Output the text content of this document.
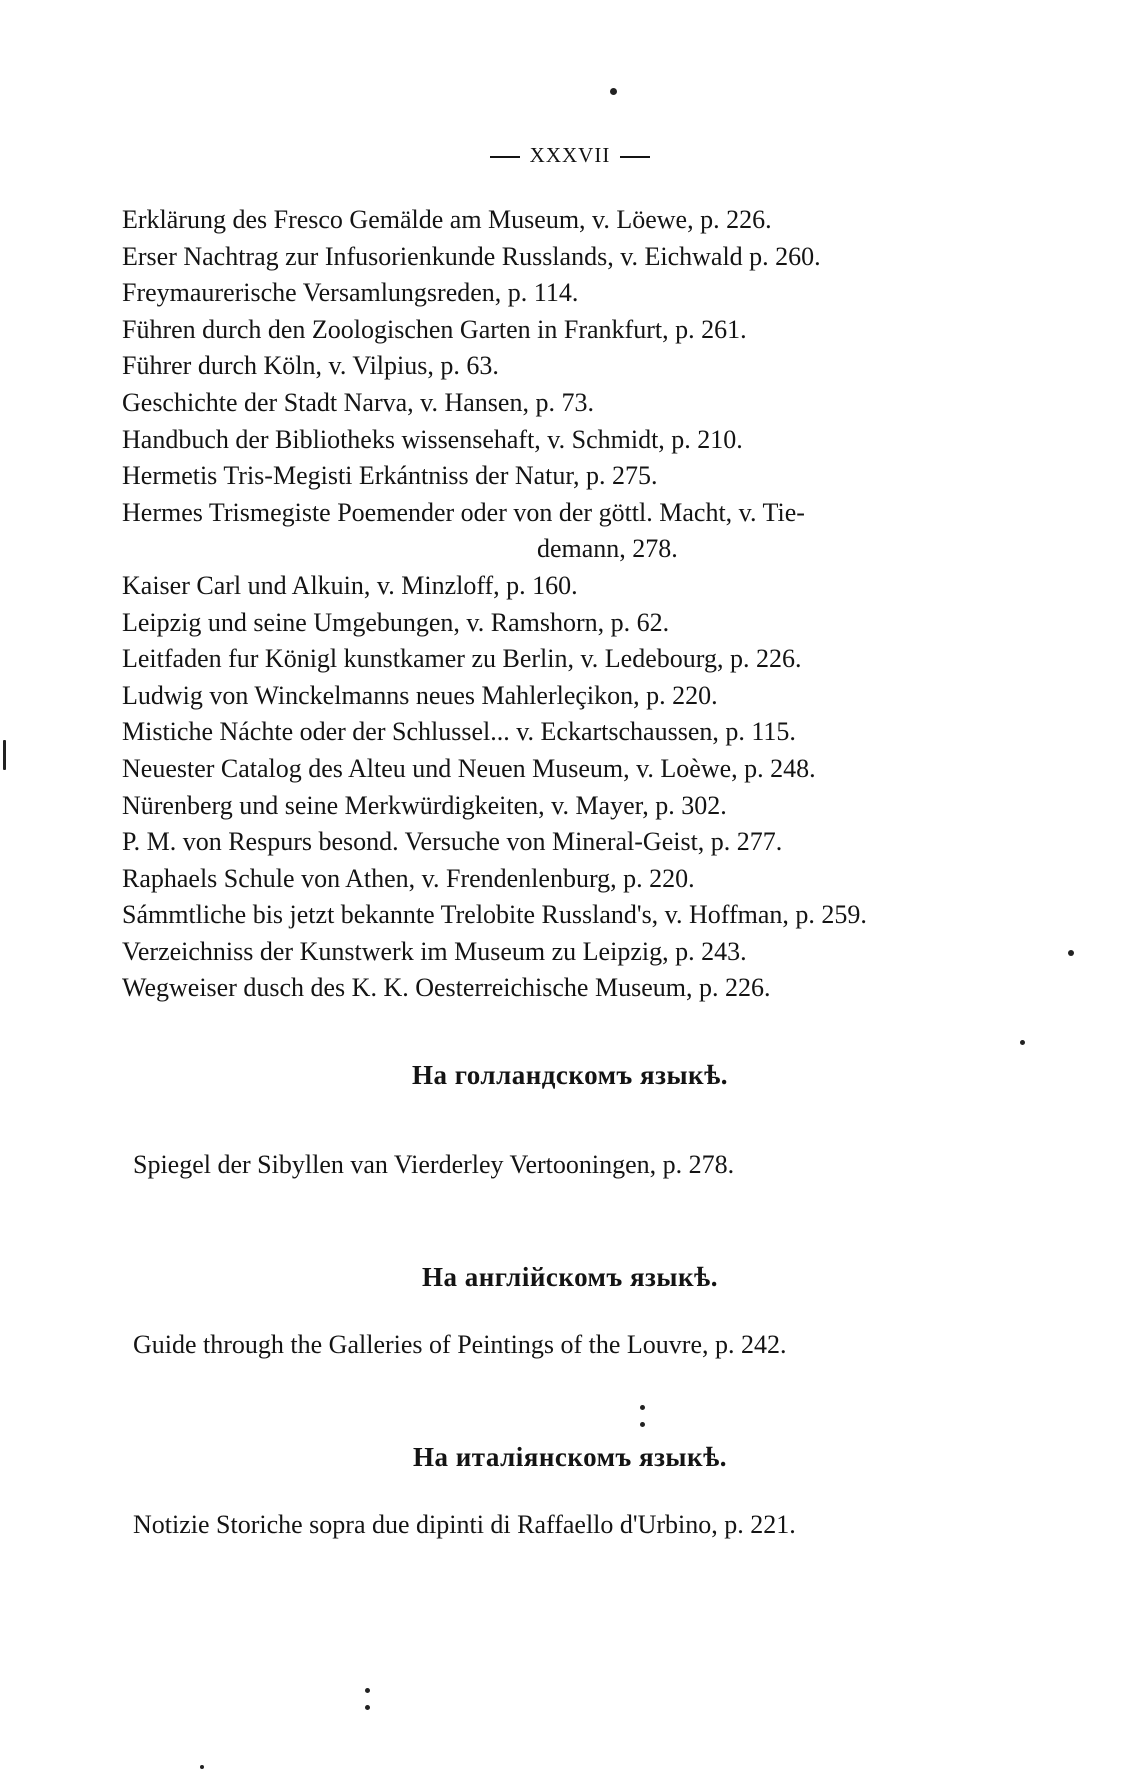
XXXVII
Erklärung des Fresco Gemälde am Museum, v. Löewe, p. 226.
Erser Nachtrag zur Infusorienkunde Russlands, v. Eichwald p. 260.
Freymaurerische Versamlungsreden, p. 114.
Führen durch den Zoologischen Garten in Frankfurt, p. 261.
Führer durch Köln, v. Vilpius, p. 63.
Geschichte der Stadt Narva, v. Hansen, p. 73.
Handbuch der Bibliotheks wissensehaft, v. Schmidt, p. 210.
Hermetis Tris-Megisti Erkántniss der Natur, p. 275.
Hermes Trismegiste Poemender oder von der göttl. Macht, v. Tie-
demann, 278.
Kaiser Carl und Alkuin, v. Minzloff, p. 160.
Leipzig und seine Umgebungen, v. Ramshorn, p. 62.
Leitfaden fur Königl kunstkamer zu Berlin, v. Ledebourg, p. 226.
Ludwig von Winckelmanns neues Mahlerleçikon, p. 220.
Mistiche Náchte oder der Schlussel... v. Eckartschaussen, p. 115.
Neuester Catalog des Alteu und Neuen Museum, v. Loèwe, p. 248.
Nürenberg und seine Merkwürdigkeiten, v. Mayer, p. 302.
P. M. von Respurs besond. Versuche von Mineral-Geist, p. 277.
Raphaels Schule von Athen, v. Frendenlenburg, p. 220.
Sámmtliche bis jetzt bekannte Trelobite Russland's, v. Hoffman, p. 259.
Verzeichniss der Kunstwerk im Museum zu Leipzig, p. 243.
Wegweiser dusch des K. K. Oesterreichische Museum, p. 226.
На голландскомъ языкѣ.

Spiegel der Sibyllen van Vierderley Vertooningen, p. 278.

На англійскомъ языкѣ.

Guide through the Galleries of Peintings of the Louvre, p. 242.

На италіянскомъ языкѣ.

Notizie Storiche sopra due dipinti di Raffaello d'Urbino, p. 221.
